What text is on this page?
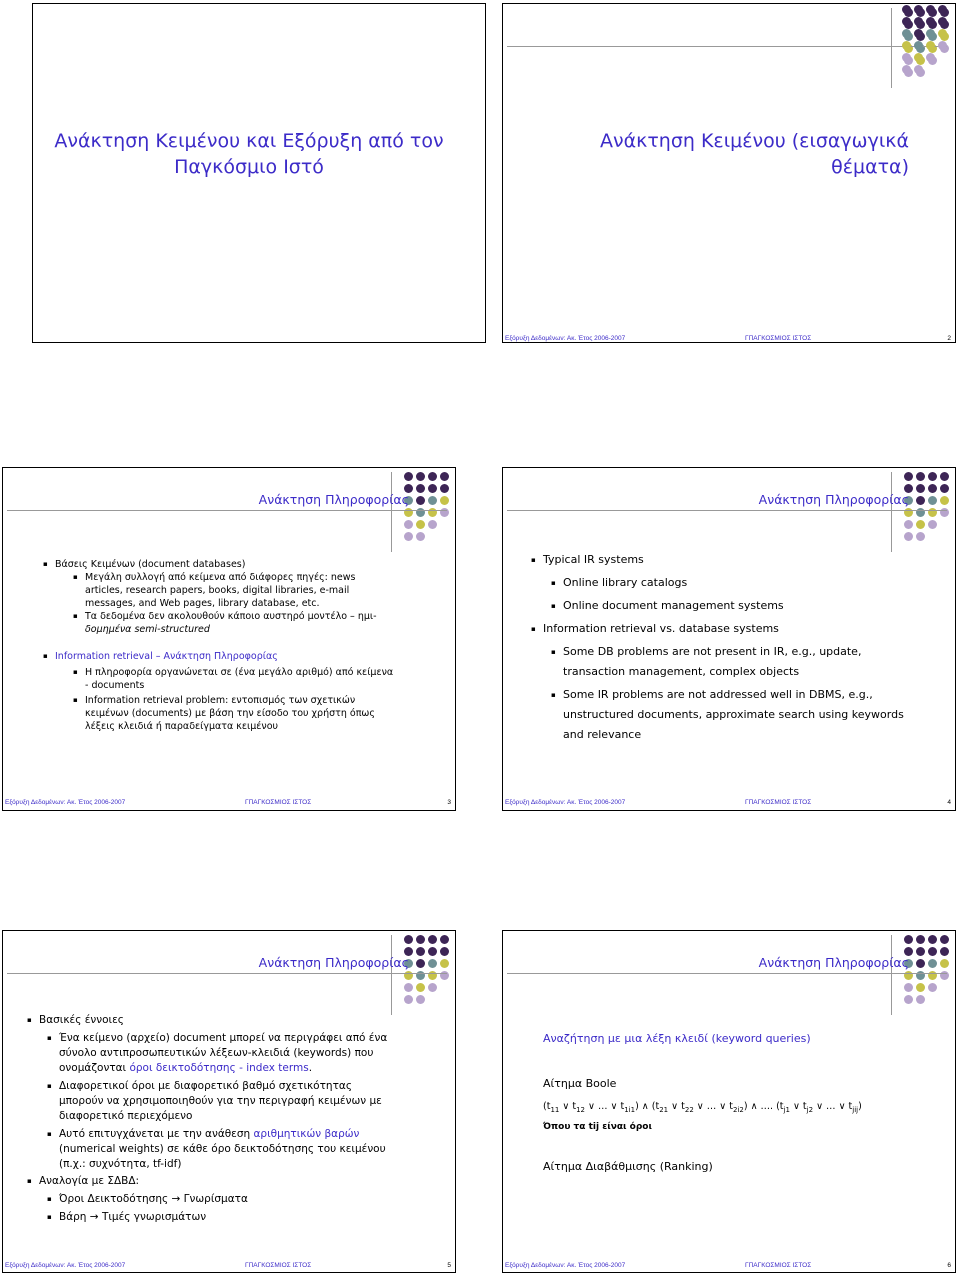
Ανάκτηση Κειμένου και Εξόρυξη από τον
Παγκόσμιο Ιστό
Ανάκτηση Κειμένου (εισαγωγικά
θέματα)
Εξόρυξη Δεδομένων: Ακ. Έτος 2006-2007	ΓΠΑΓΚΟΣΜΙΟΣ ΙΣΤΟΣ	2
Ανάκτηση Πληροφορίας
▪ Βάσεις Κειμένων (document databases)
▪ Μεγάλη συλλογή από κείμενα από διάφορες πηγές: news
articles, research papers, books, digital libraries, e-mail
messages, and Web pages, library database, etc.
▪ Τα δεδομένα δεν ακολουθούν κάποιο αυστηρό μοντέλο – ημι-
δομημένα semi-structured
▪ Information retrieval – Ανάκτηση Πληροφορίας
▪ Η πληροφορία οργανώνεται σε (ένα μεγάλο αριθμό) από κείμενα
- documents
▪ Information retrieval problem: εντοπισμός των σχετικών
κειμένων (documents) με βάση την είσοδο του χρήστη όπως
λέξεις κλειδιά ή παραδείγματα κειμένου
Εξόρυξη Δεδομένων: Ακ. Έτος 2006-2007	ΓΠΑΓΚΟΣΜΙΟΣ ΙΣΤΟΣ	3
Ανάκτηση Πληροφορίας
▪ Typical IR systems
▪ Online library catalogs
▪ Online document management systems
▪ Information retrieval vs. database systems
▪ Some DB problems are not present in IR, e.g., update,
transaction management, complex objects
▪ Some IR problems are not addressed well in DBMS, e.g.,
unstructured documents, approximate search using keywords
and relevance
Εξόρυξη Δεδομένων: Ακ. Έτος 2006-2007	ΓΠΑΓΚΟΣΜΙΟΣ ΙΣΤΟΣ	4
Ανάκτηση Πληροφορίας
▪ Βασικές έννοιες
▪ Ένα κείμενο (αρχείο) document μπορεί να περιγράφει από ένα
σύνολο αντιπροσωπευτικών λέξεων-κλειδιά (keywords) που
ονομάζονται όροι δεικτοδότησης - index terms.
▪ Διαφορετικοί όροι με διαφορετικό βαθμό σχετικότητας
μπορούν να χρησιμοποιηθούν για την περιγραφή κειμένων με
διαφορετικό περιεχόμενο
▪ Αυτό επιτυγχάνεται με την ανάθεση αριθμητικών βαρών
(numerical weights) σε κάθε όρο δεικτοδότησης του κειμένου
(π.χ.: συχνότητα, tf-idf)
▪ Αναλογία με ΣΔΒΔ:
▪ Όροι Δεικτοδότησης → Γνωρίσματα
▪ Βάρη → Τιμές γνωρισμάτων
Εξόρυξη Δεδομένων: Ακ. Έτος 2006-2007	ΓΠΑΓΚΟΣΜΙΟΣ ΙΣΤΟΣ	5
Ανάκτηση Πληροφορίας
Αναζήτηση με μια λέξη κλειδί (keyword queries)
Αίτημα Boole
($t_{11}$ ∨ $t_{12}$ ∨ … ∨ $t_{1i1}$) ∧ ($t_{21}$ ∨ $t_{22}$ ∨ … ∨ $t_{2i2}$) ∧ …. ($t_{j1}$ ∨ $t_{j2}$ ∨ … ∨ $t_{jij}$)
Όπου τα tij είναι όροι
Αίτημα Διαβάθμισης (Ranking)
Εξόρυξη Δεδομένων: Ακ. Έτος 2006-2007	ΓΠΑΓΚΟΣΜΙΟΣ ΙΣΤΟΣ	6
